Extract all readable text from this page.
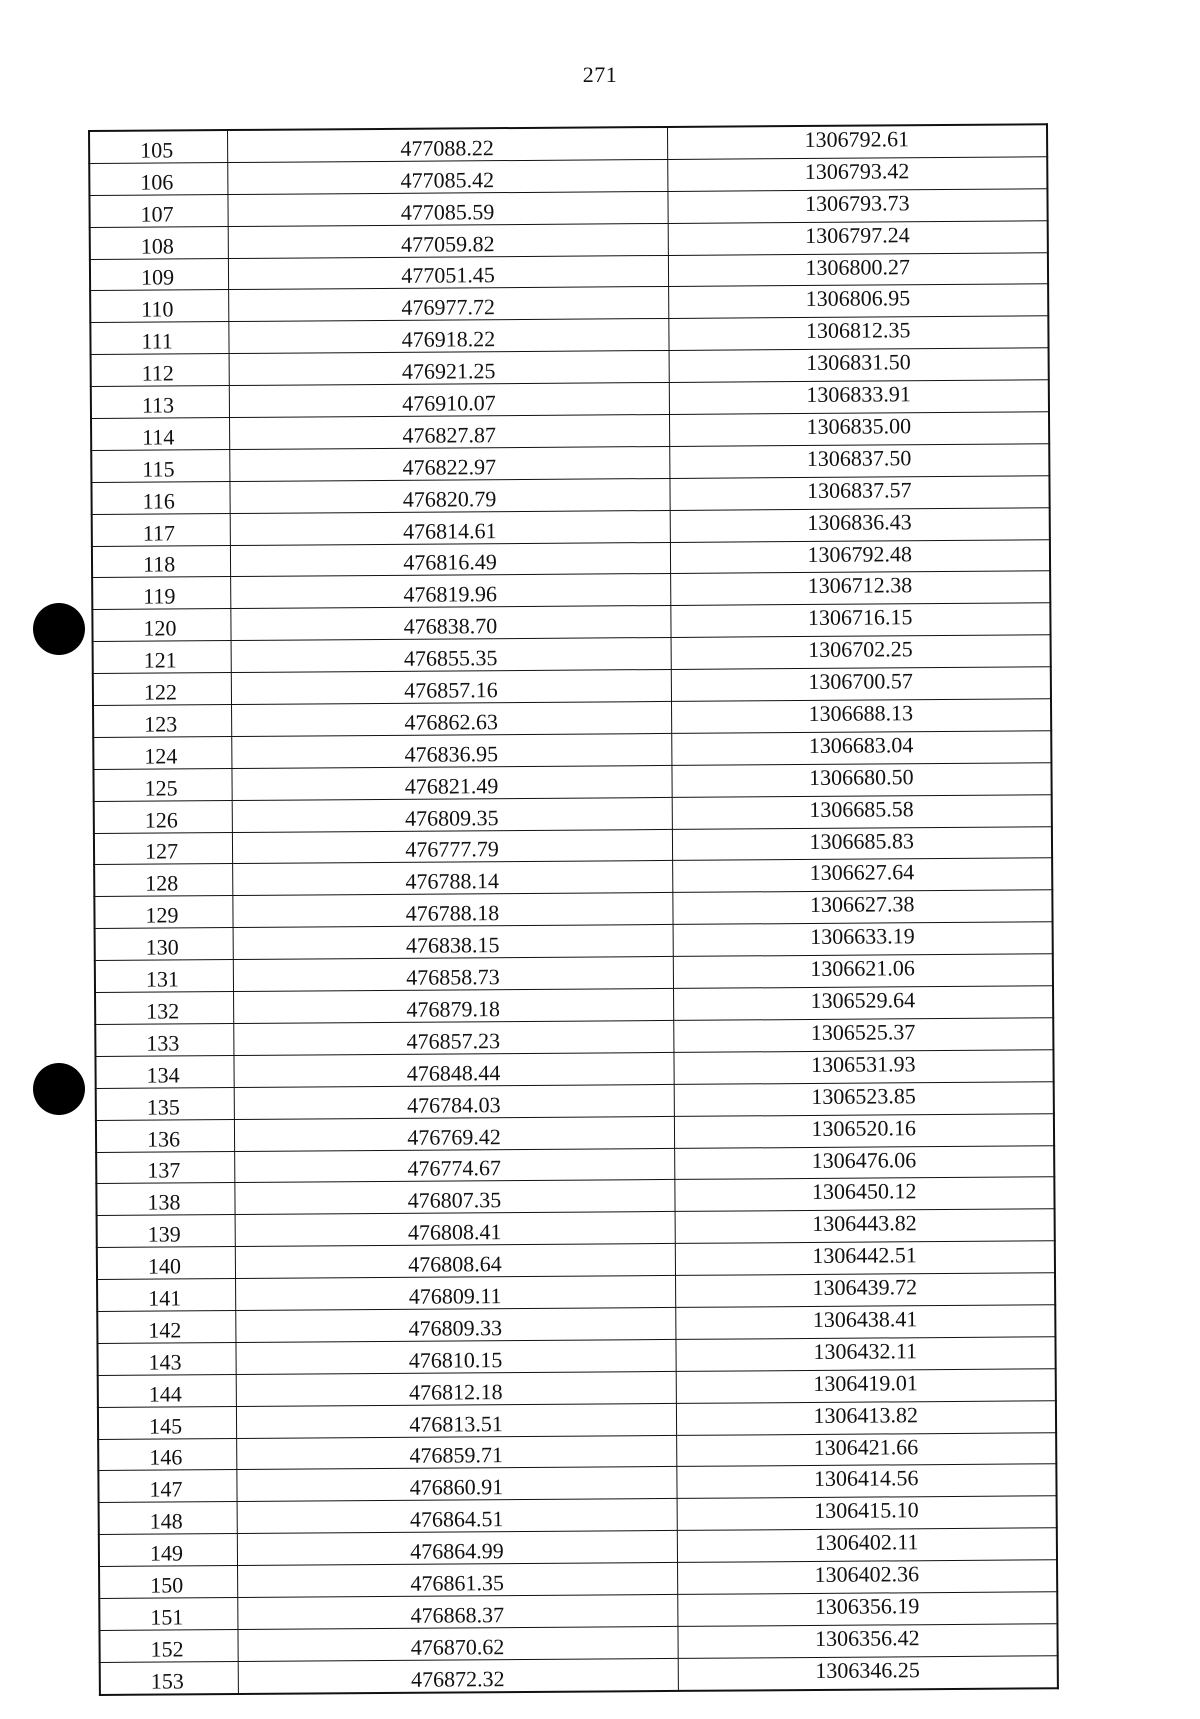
271
105	477088.22	1306792.61
106	477085.42	1306793.42
107	477085.59	1306793.73
108	477059.82	1306797.24
109	477051.45	1306800.27
110	476977.72	1306806.95
111	476918.22	1306812.35
112	476921.25	1306831.50
113	476910.07	1306833.91
114	476827.87	1306835.00
115	476822.97	1306837.50
116	476820.79	1306837.57
117	476814.61	1306836.43
118	476816.49	1306792.48
119	476819.96	1306712.38
120	476838.70	1306716.15
121	476855.35	1306702.25
122	476857.16	1306700.57
123	476862.63	1306688.13
124	476836.95	1306683.04
125	476821.49	1306680.50
126	476809.35	1306685.58
127	476777.79	1306685.83
128	476788.14	1306627.64
129	476788.18	1306627.38
130	476838.15	1306633.19
131	476858.73	1306621.06
132	476879.18	1306529.64
133	476857.23	1306525.37
134	476848.44	1306531.93
135	476784.03	1306523.85
136	476769.42	1306520.16
137	476774.67	1306476.06
138	476807.35	1306450.12
139	476808.41	1306443.82
140	476808.64	1306442.51
141	476809.11	1306439.72
142	476809.33	1306438.41
143	476810.15	1306432.11
144	476812.18	1306419.01
145	476813.51	1306413.82
146	476859.71	1306421.66
147	476860.91	1306414.56
148	476864.51	1306415.10
149	476864.99	1306402.11
150	476861.35	1306402.36
151	476868.37	1306356.19
152	476870.62	1306356.42
153	476872.32	1306346.25
